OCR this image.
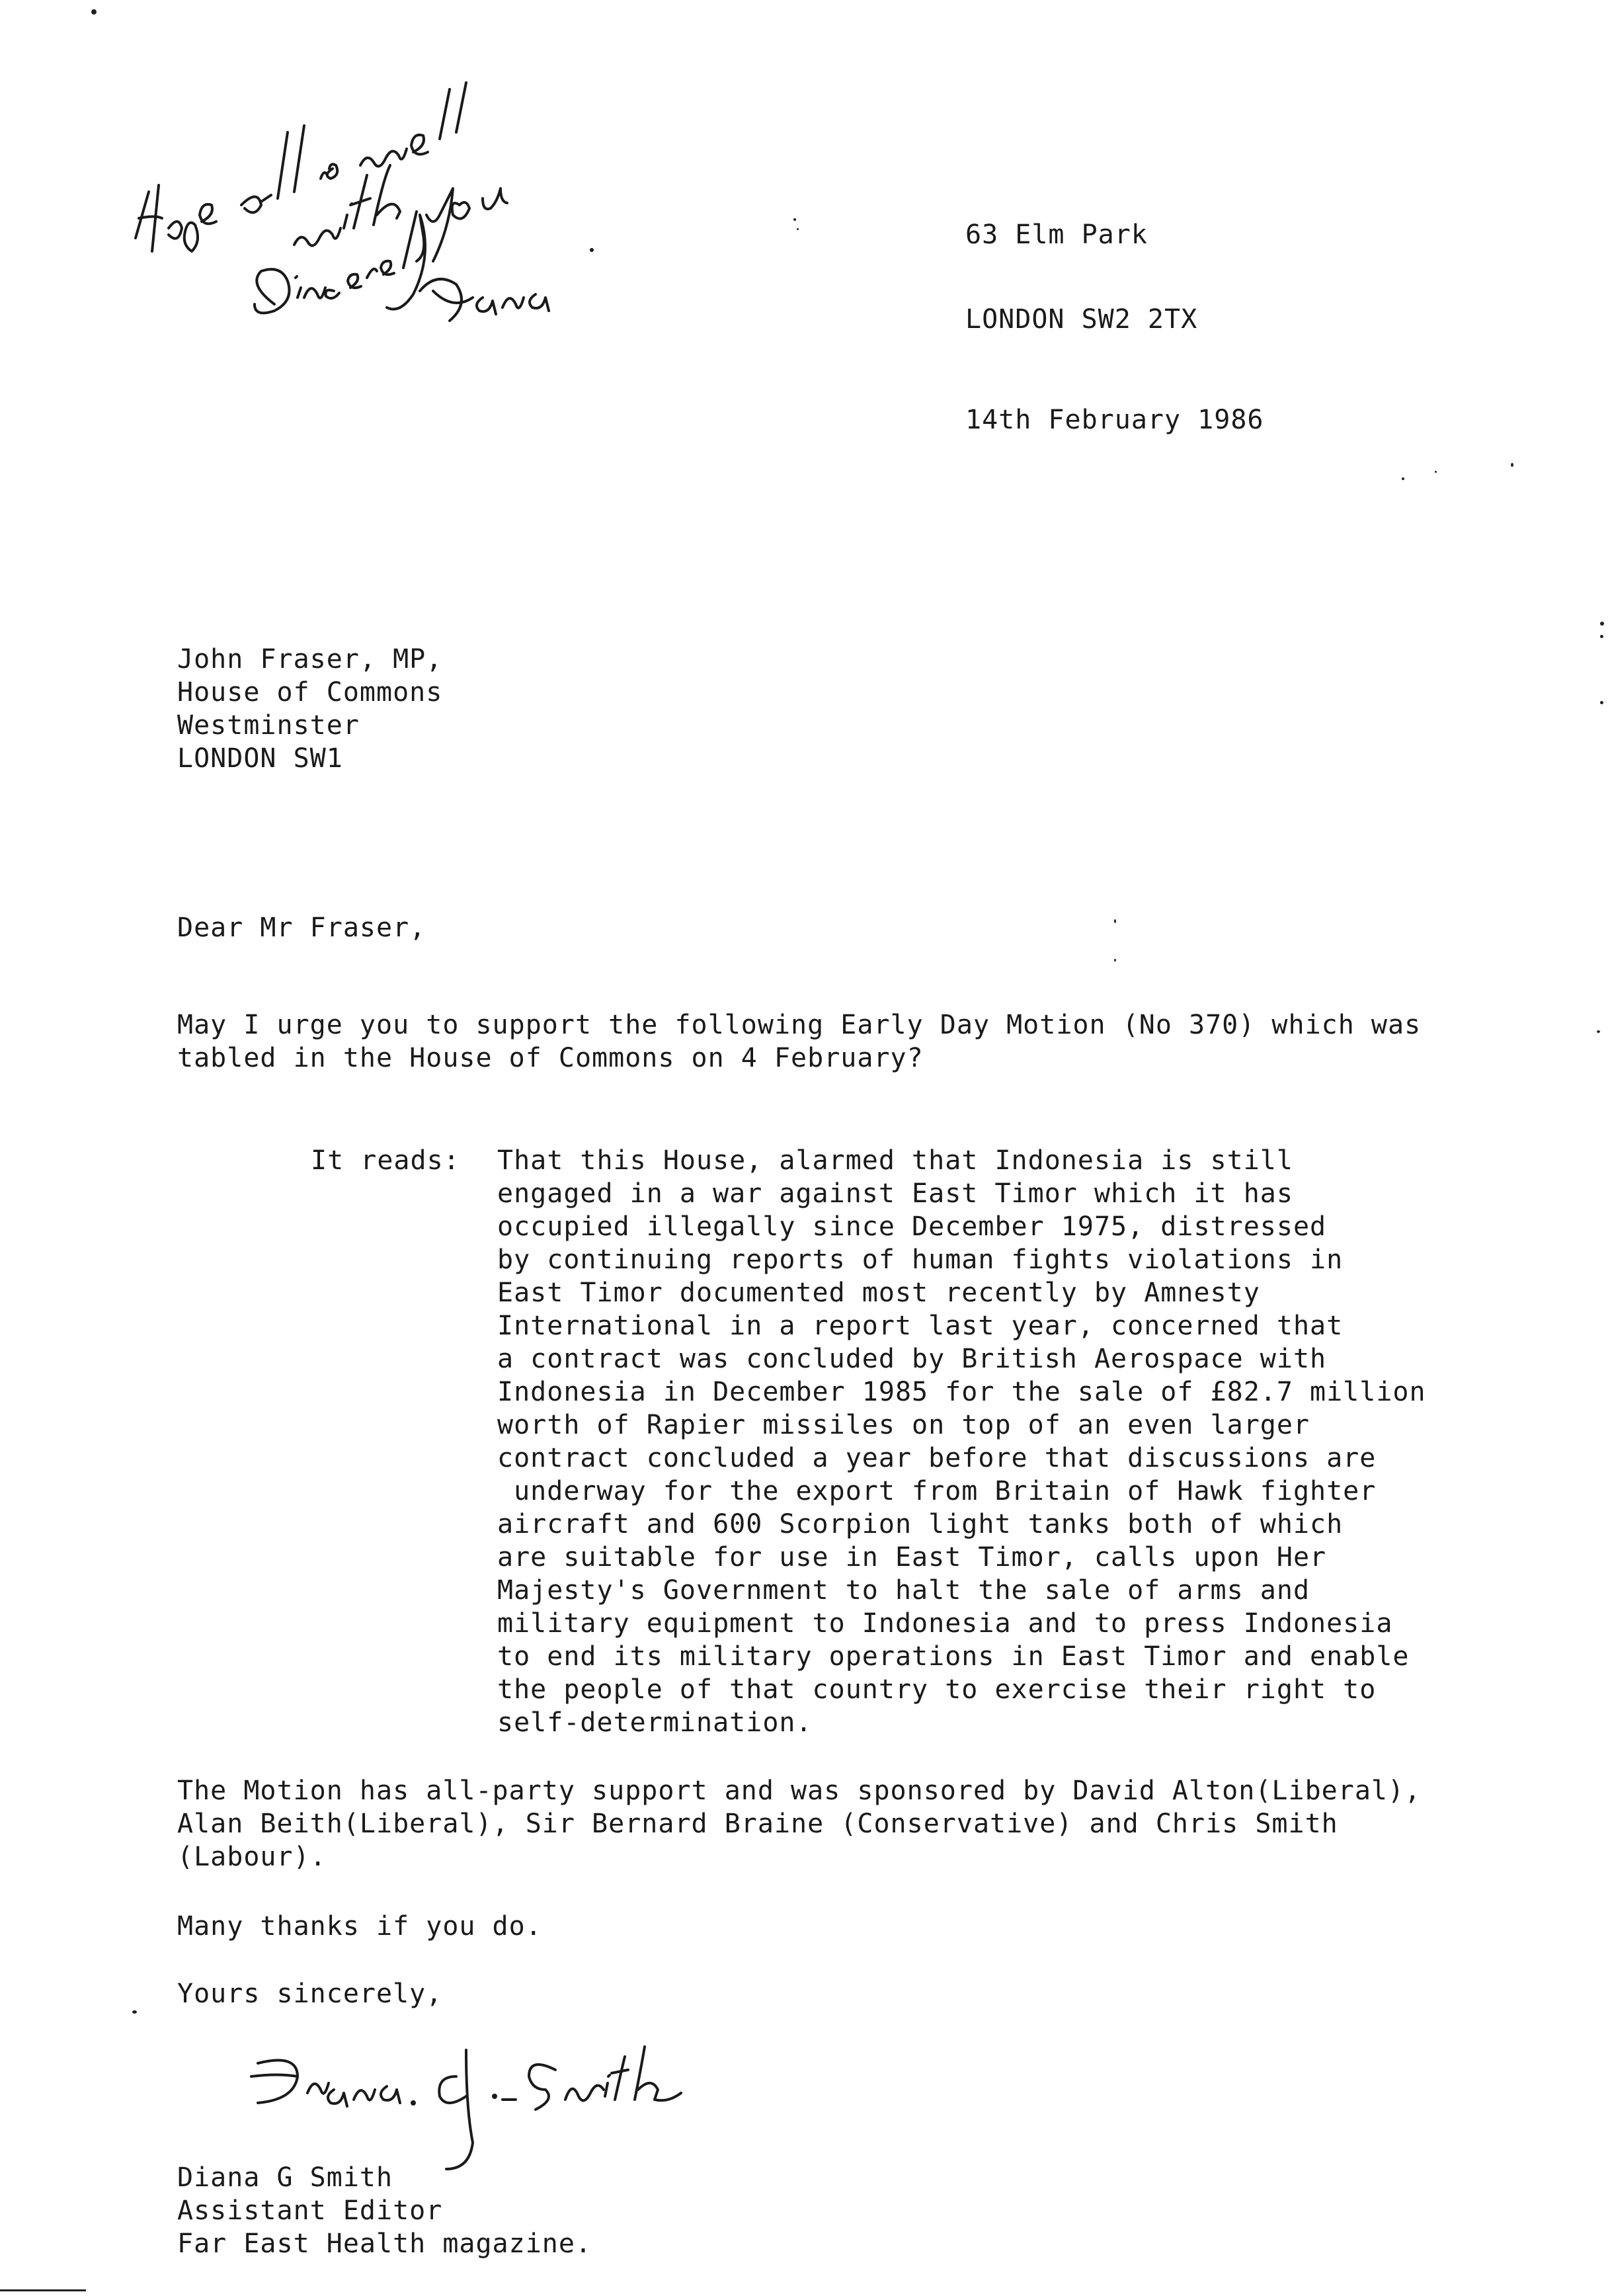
63 Elm Park
LONDON SW2 2TX
14th February 1986
John Fraser, MP,
House of Commons
Westminster
LONDON SW1
Dear Mr Fraser,
May I urge you to support the following Early Day Motion (No 370) which was
tabled in the House of Commons on 4 February?
It reads: That this House, alarmed that Indonesia is still
engaged in a war against East Timor which it has
occupied illegally since December 1975, distressed
by continuing reports of human fights violations in
East Timor documented most recently by Amnesty
International in a report last year, concerned that
a contract was concluded by British Aerospace with
Indonesia in December 1985 for the sale of £82.7 million
worth of Rapier missiles on top of an even larger
contract concluded a year before that discussions are
underway for the export from Britain of Hawk fighter
aircraft and 600 Scorpion light tanks both of which
are suitable for use in East Timor, calls upon Her
Majesty's Government to halt the sale of arms and
military equipment to Indonesia and to press Indonesia
to end its military operations in East Timor and enable
the people of that country to exercise their right to
self-determination.
The Motion has all-party support and was sponsored by David Alton(Liberal),
Alan Beith(Liberal), Sir Bernard Braine (Conservative) and Chris Smith
(Labour).
Many thanks if you do.
Yours sincerely,
Diana G Smith
Assistant Editor
Far East Health magazine.
